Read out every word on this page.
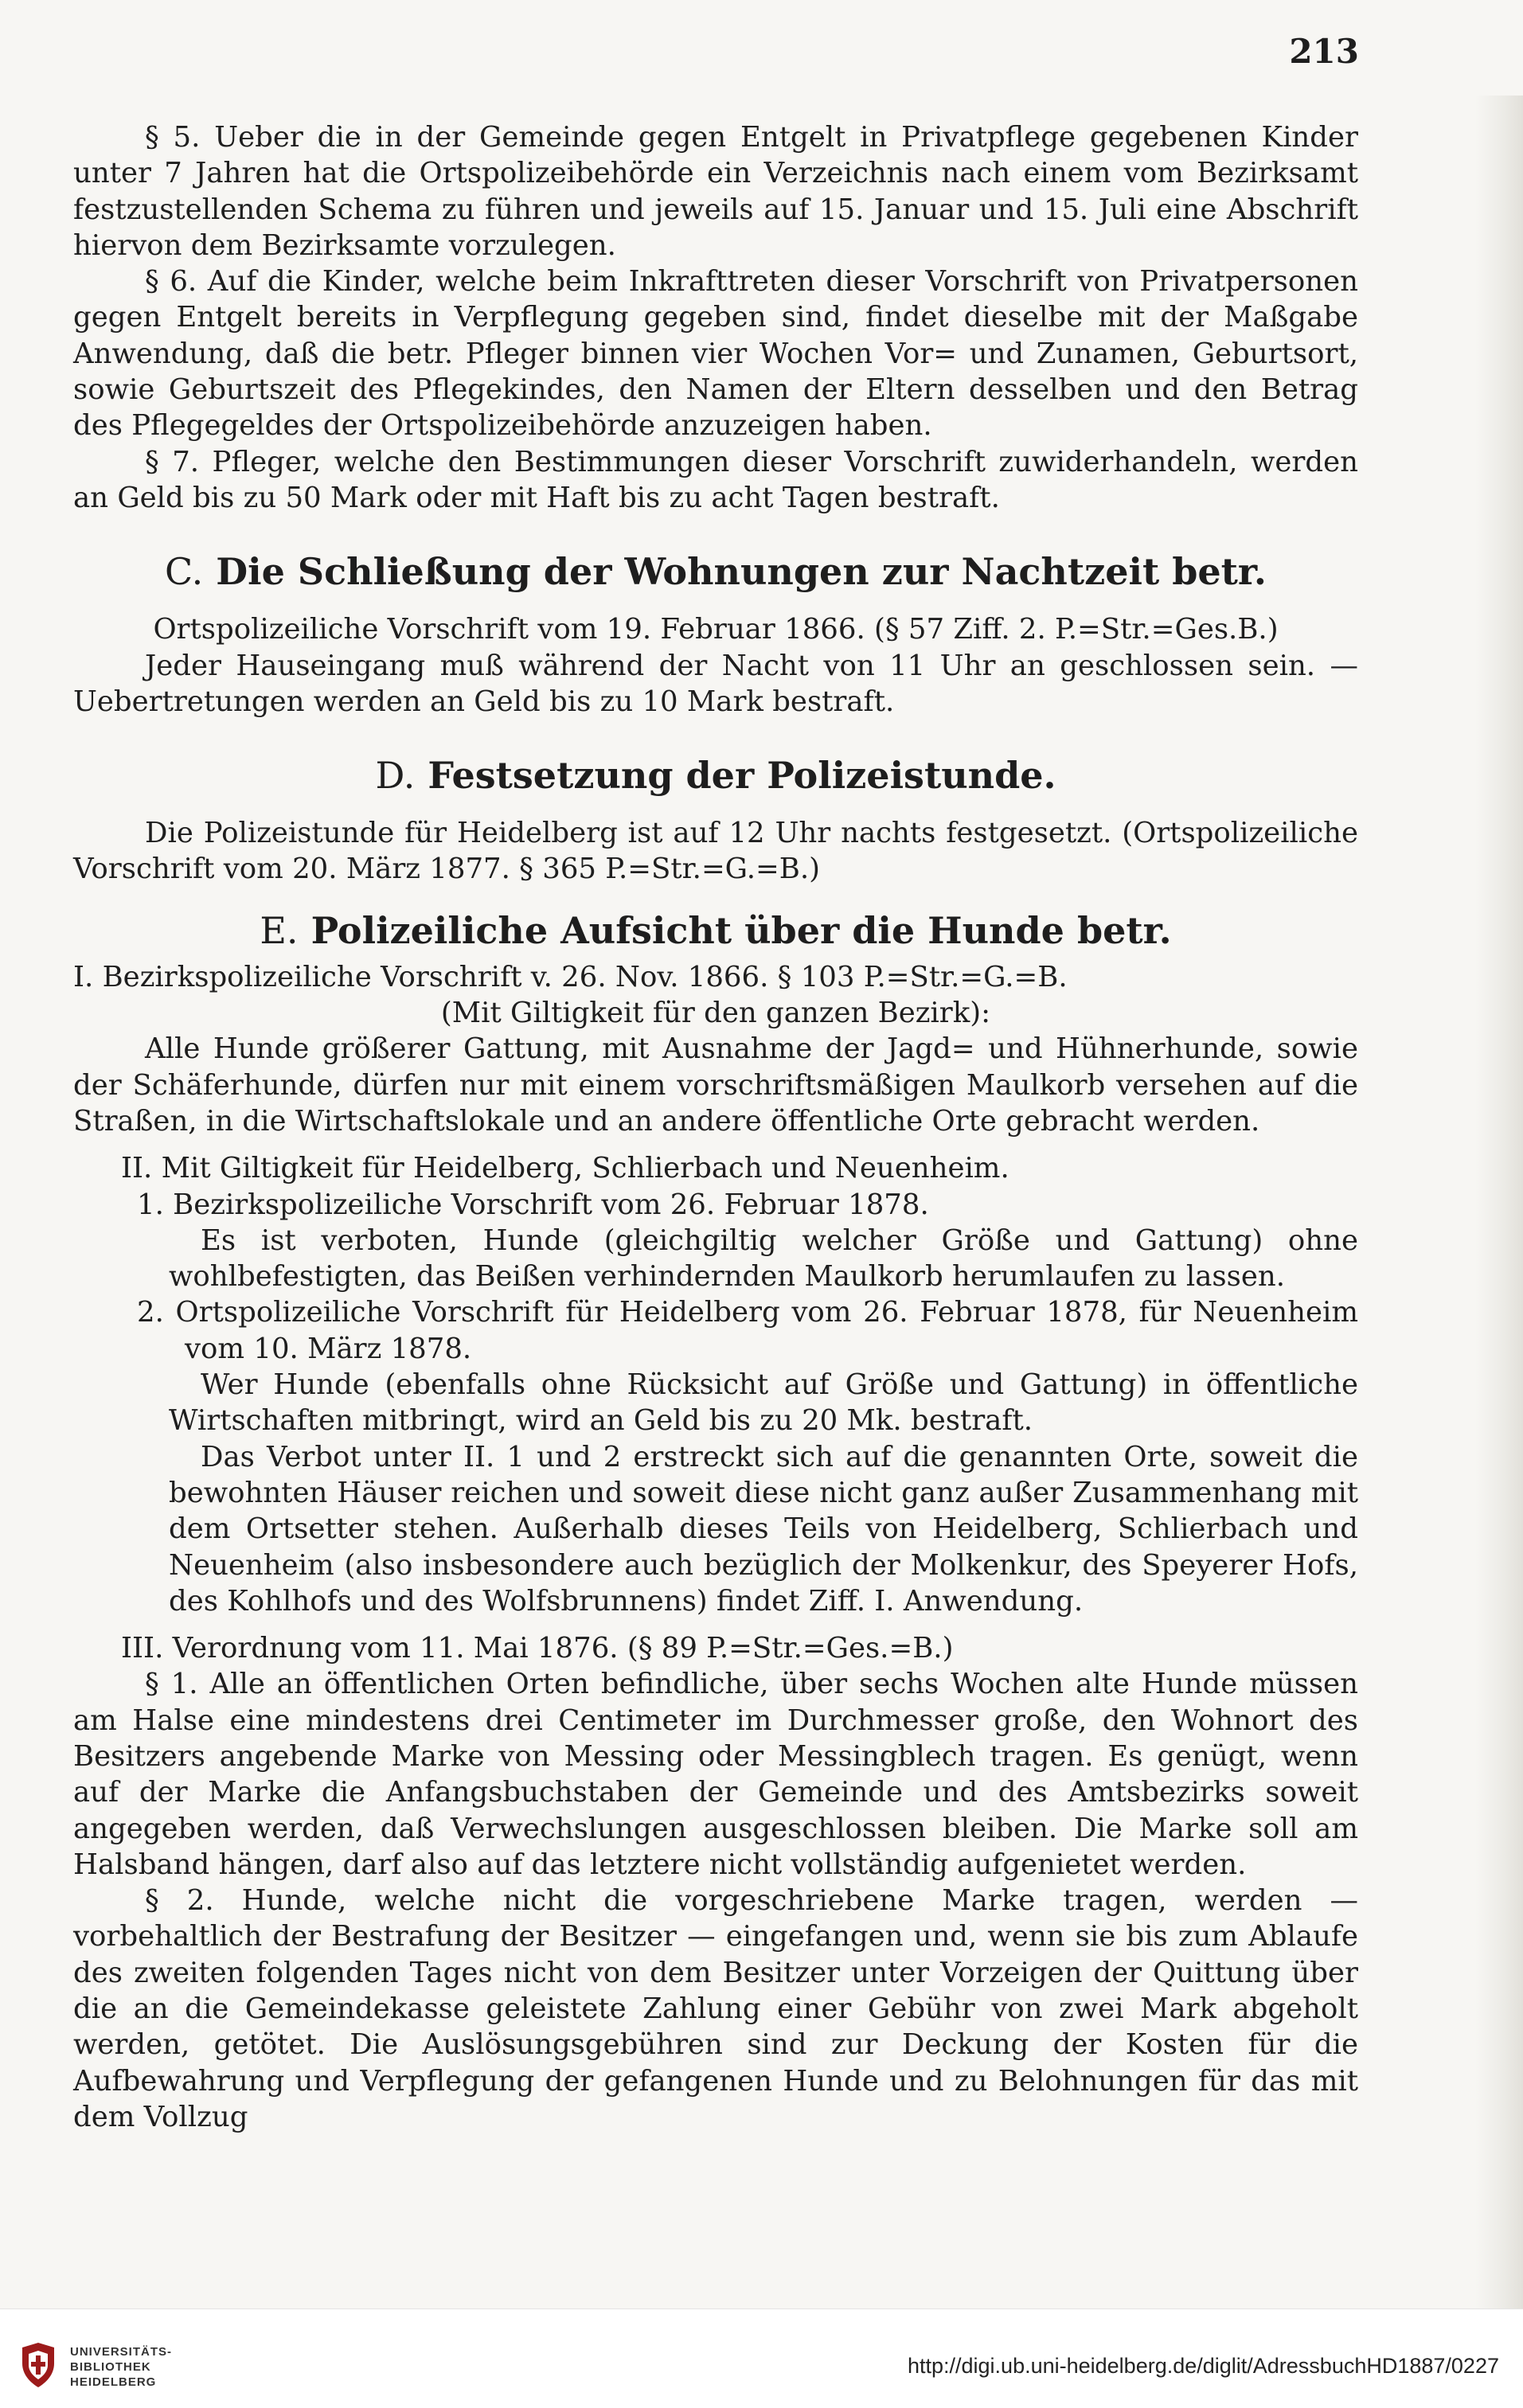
213

§ 5. Ueber die in der Gemeinde gegen Entgelt in Privatpflege gegebenen Kinder unter 7 Jahren hat die Ortspolizeibehörde ein Verzeichnis nach einem vom Bezirksamt festzustellenden Schema zu führen und jeweils auf 15. Januar und 15. Juli eine Abschrift hiervon dem Bezirksamte vorzulegen.

§ 6. Auf die Kinder, welche beim Inkrafttreten dieser Vorschrift von Privatpersonen gegen Entgelt bereits in Verpflegung gegeben sind, findet dieselbe mit der Maßgabe Anwendung, daß die betr. Pfleger binnen vier Wochen Vor= und Zunamen, Geburtsort, sowie Geburtszeit des Pflegekindes, den Namen der Eltern desselben und den Betrag des Pflegegeldes der Ortspolizeibehörde anzuzeigen haben.

§ 7. Pfleger, welche den Bestimmungen dieser Vorschrift zuwiderhandeln, werden an Geld bis zu 50 Mark oder mit Haft bis zu acht Tagen bestraft.

C. Die Schließung der Wohnungen zur Nachtzeit betr.

Ortspolizeiliche Vorschrift vom 19. Februar 1866. (§ 57 Ziff. 2. P.=Str.=Ges.B.)

Jeder Hauseingang muß während der Nacht von 11 Uhr an geschlossen sein. — Uebertretungen werden an Geld bis zu 10 Mark bestraft.

D. Festsetzung der Polizeistunde.

Die Polizeistunde für Heidelberg ist auf 12 Uhr nachts festgesetzt. (Ortspolizeiliche Vorschrift vom 20. März 1877. § 365 P.=Str.=G.=B.)

E. Polizeiliche Aufsicht über die Hunde betr.

I. Bezirkspolizeiliche Vorschrift v. 26. Nov. 1866. § 103 P.=Str.=G.=B.

(Mit Giltigkeit für den ganzen Bezirk):

Alle Hunde größerer Gattung, mit Ausnahme der Jagd= und Hühnerhunde, sowie der Schäferhunde, dürfen nur mit einem vorschriftsmäßigen Maulkorb versehen auf die Straßen, in die Wirtschaftslokale und an andere öffentliche Orte gebracht werden.

II. Mit Giltigkeit für Heidelberg, Schlierbach und Neuenheim.

1. Bezirkspolizeiliche Vorschrift vom 26. Februar 1878.

Es ist verboten, Hunde (gleichgiltig welcher Größe und Gattung) ohne wohlbefestigten, das Beißen verhindernden Maulkorb herumlaufen zu lassen.

2. Ortspolizeiliche Vorschrift für Heidelberg vom 26. Februar 1878, für Neuenheim vom 10. März 1878.

Wer Hunde (ebenfalls ohne Rücksicht auf Größe und Gattung) in öffentliche Wirtschaften mitbringt, wird an Geld bis zu 20 Mk. bestraft.

Das Verbot unter II. 1 und 2 erstreckt sich auf die genannten Orte, soweit die bewohnten Häuser reichen und soweit diese nicht ganz außer Zusammenhang mit dem Ortsetter stehen. Außerhalb dieses Teils von Heidelberg, Schlierbach und Neuenheim (also insbesondere auch bezüglich der Molkenkur, des Speyerer Hofs, des Kohlhofs und des Wolfsbrunnens) findet Ziff. I. Anwendung.

III. Verordnung vom 11. Mai 1876. (§ 89 P.=Str.=Ges.=B.)

§ 1. Alle an öffentlichen Orten befindliche, über sechs Wochen alte Hunde müssen am Halse eine mindestens drei Centimeter im Durchmesser große, den Wohnort des Besitzers angebende Marke von Messing oder Messingblech tragen. Es genügt, wenn auf der Marke die Anfangsbuchstaben der Gemeinde und des Amtsbezirks soweit angegeben werden, daß Verwechslungen ausgeschlossen bleiben. Die Marke soll am Halsband hängen, darf also auf das letztere nicht vollständig aufgenietet werden.

§ 2. Hunde, welche nicht die vorgeschriebene Marke tragen, werden — vorbehaltlich der Bestrafung der Besitzer — eingefangen und, wenn sie bis zum Ablaufe des zweiten folgenden Tages nicht von dem Besitzer unter Vorzeigen der Quittung über die an die Gemeindekasse geleistete Zahlung einer Gebühr von zwei Mark abgeholt werden, getötet. Die Auslösungsgebühren sind zur Deckung der Kosten für die Aufbewahrung und Verpflegung der gefangenen Hunde und zu Belohnungen für das mit dem Vollzug

UNIVERSITÄTS-
BIBLIOTHEK
HEIDELBERG
http://digi.ub.uni-heidelberg.de/diglit/AdressbuchHD1887/0227
